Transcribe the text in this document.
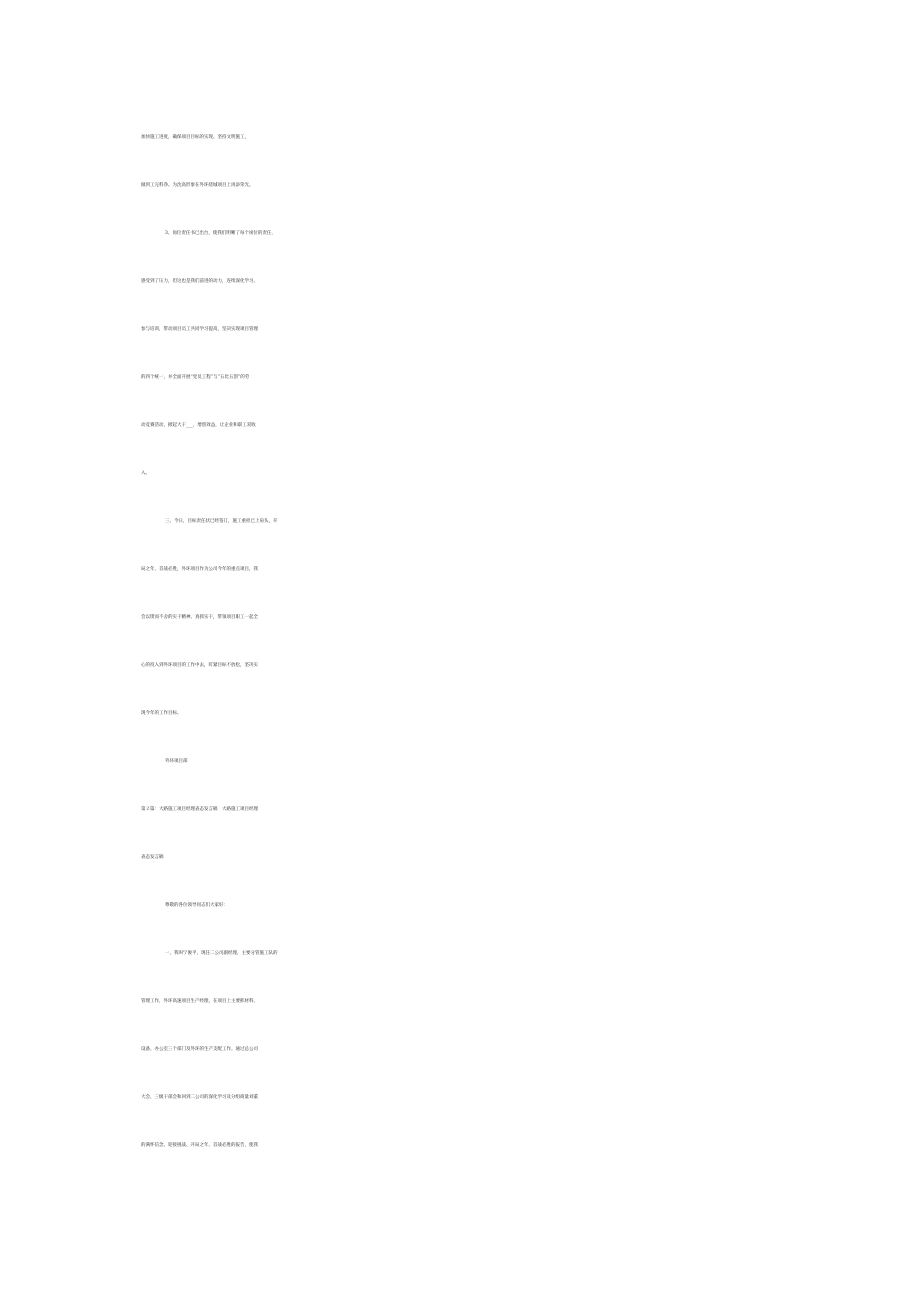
加快施工进度，确保项目目标的实现。坚持文明施工，
做到工完料净。为沈高形象在外环绕城项目上再添荣光。
3、岗位责任书已出台，使我们明晰了每个岗位的责任，
感受到了压力，但这也是我们前进的动力，连续深化学习，
参与培训，带动项目员工共同学习提高，坚决实现项目管理
的四个统一，并全面开展“党员工程”与“五比五创”的劳
动竞赛活动，掀起大干___，增创效益，让企业和职工双收
入。
三、今日，目标责任状已经签订，施工重担已上肩头，开
局之年，首战必胜，外环项目作为公司今年的重点项目，我
会以锲而不舍的实干精神、真抓实干，带领项目职工一起全
心的投入到外环项目的工作中去，盯紧目标不放松，坚决实
现今年的工作目标。
外环项目部
第２篇：大路施工项目经理表态发言稿　大路施工项目经理
表态发言稿
尊敬的各位领导同志们大家好：
一、我叫宁俊平，现任二公司副经理，主要分管施工队的
管理工作，外环高速项目生产经理，在项目上主要抓材料、
设备、办公室三个部门及外环的生产支配工作。通过总公司
大会、三级干部会和回到二公司的深化学习及分组商量刘董
的满怀信念、迎接挑战、开局之年、首战必胜的报告，使我
